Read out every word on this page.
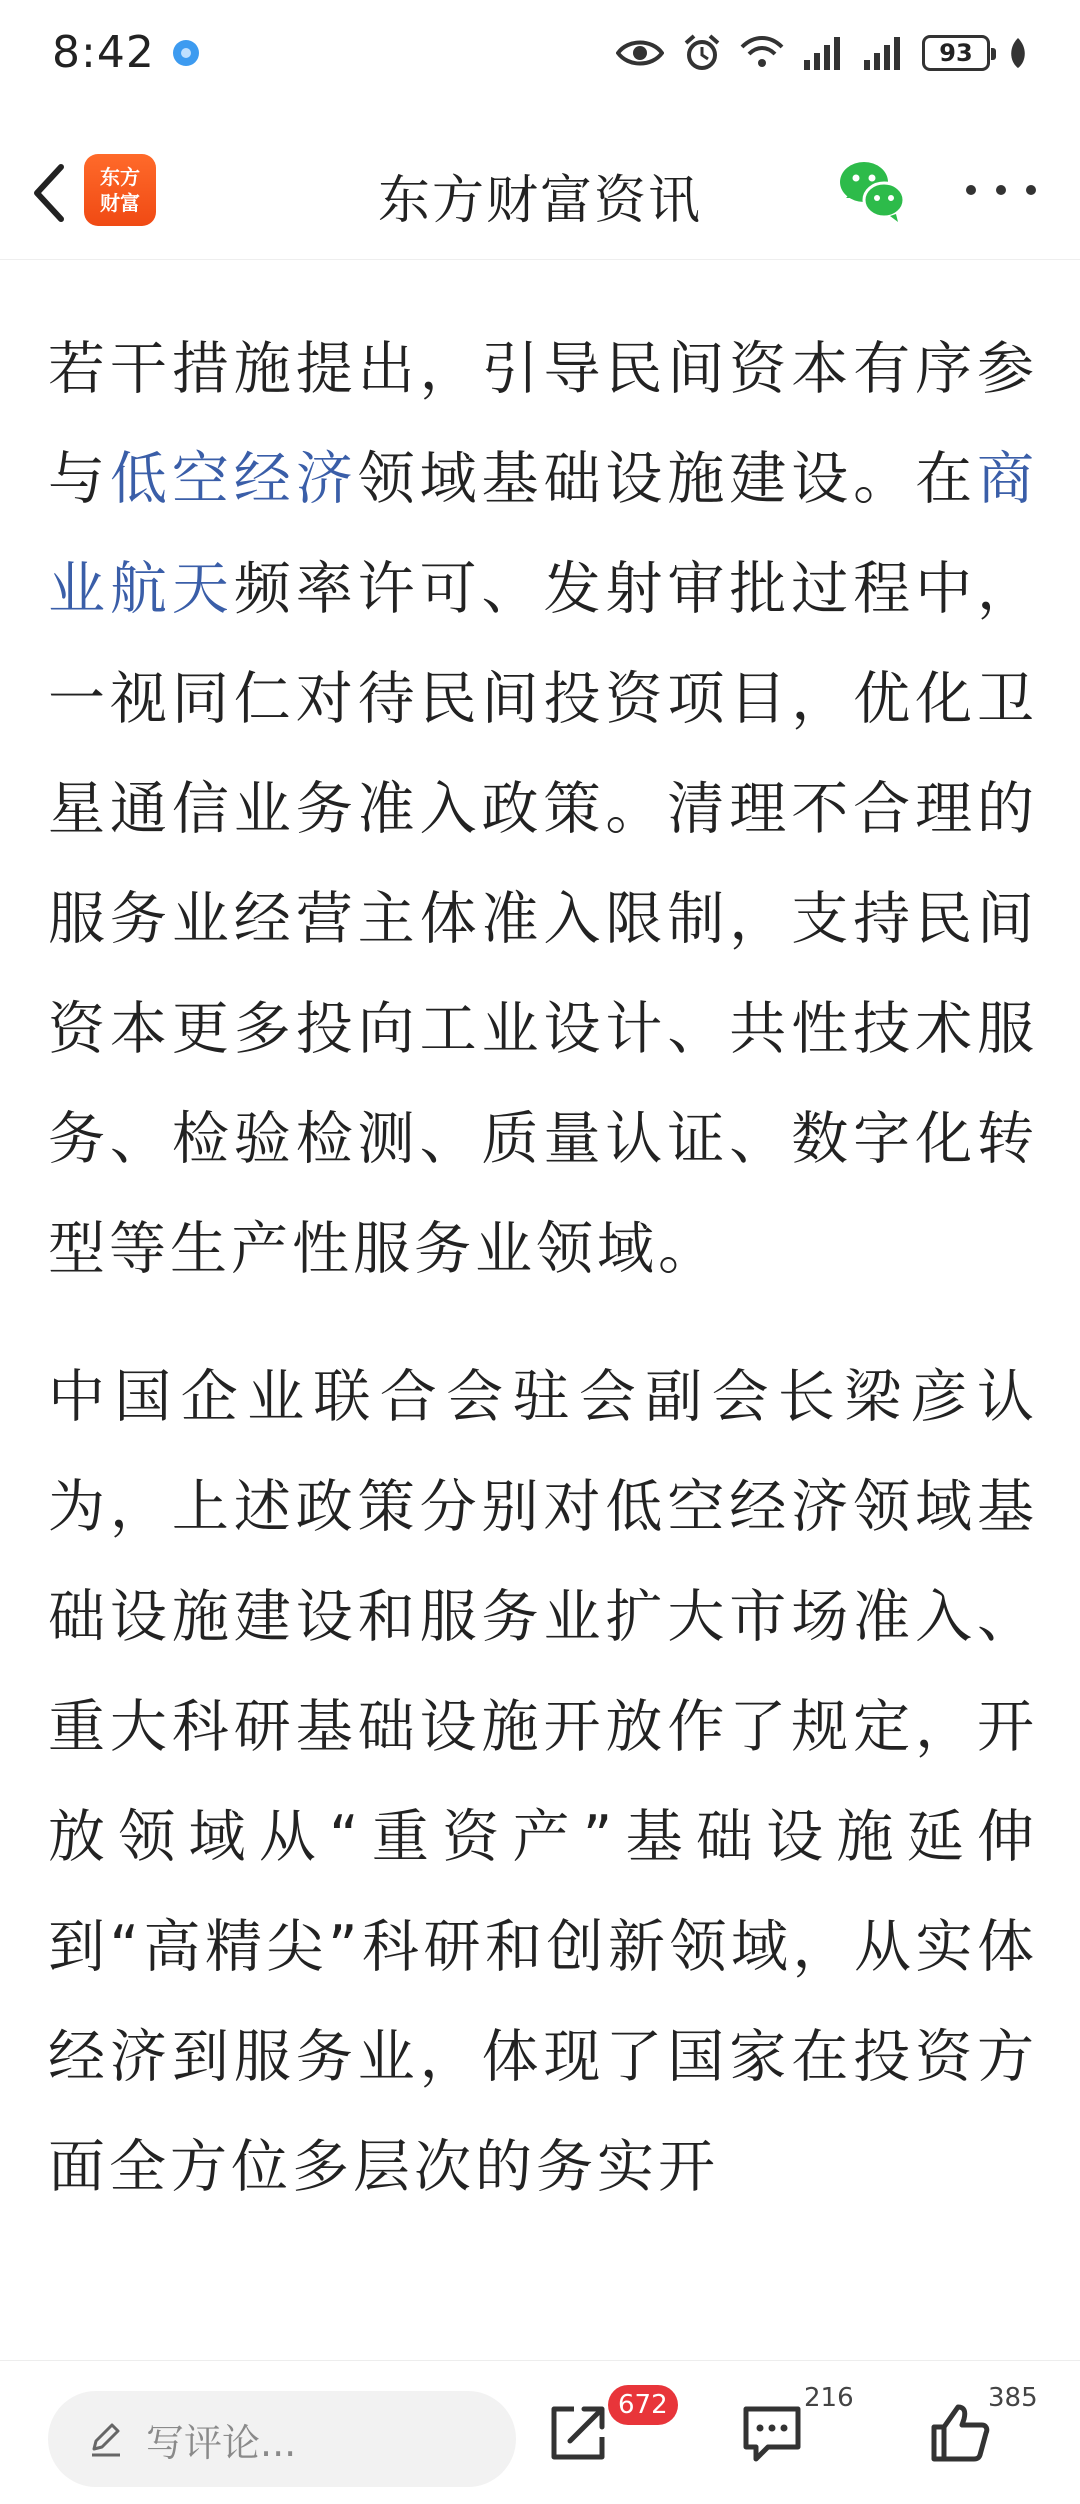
8:42	93
东方
财富	东方财富资讯

若干措施提出，引导民间资本有序参与低空经济领域基础设施建设。在商业航天频率许可、发射审批过程中，一视同仁对待民间投资项目，优化卫星通信业务准入政策。清理不合理的服务业经营主体准入限制，支持民间资本更多投向工业设计、共性技术服务、检验检测、质量认证、数字化转型等生产性服务业领域。

中国企业联合会驻会副会长梁彦认为，上述政策分别对低空经济领域基础设施建设和服务业扩大市场准入、重大科研基础设施开放作了规定，开放领域从“重资产”基础设施延伸到“高精尖”科研和创新领域，从实体经济到服务业，体现了国家在投资方面全方位多层次的务实开

写评论...
672	216	385
